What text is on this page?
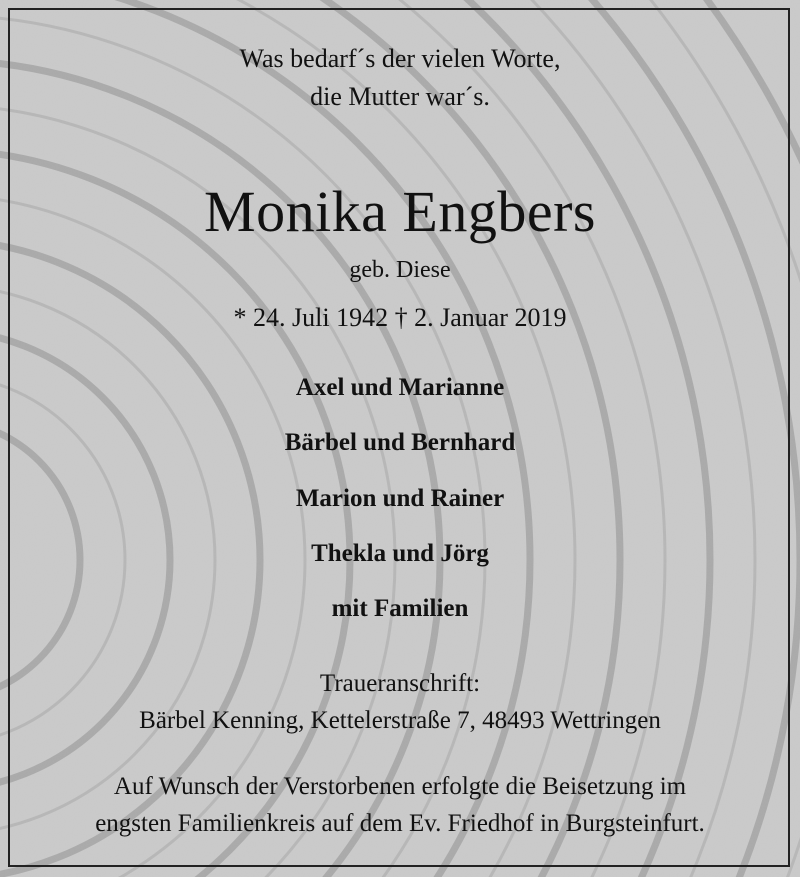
Was bedarf´s der vielen Worte,
die Mutter war´s.
Monika Engbers
geb. Diese
* 24. Juli 1942 † 2. Januar 2019
Axel und Marianne
Bärbel und Bernhard
Marion und Rainer
Thekla und Jörg
mit Familien
Traueranschrift:
Bärbel Kenning, Kettelerstraße 7, 48493 Wettringen
Auf Wunsch der Verstorbenen erfolgte die Beisetzung im
engsten Familienkreis auf dem Ev. Friedhof in Burgsteinfurt.
